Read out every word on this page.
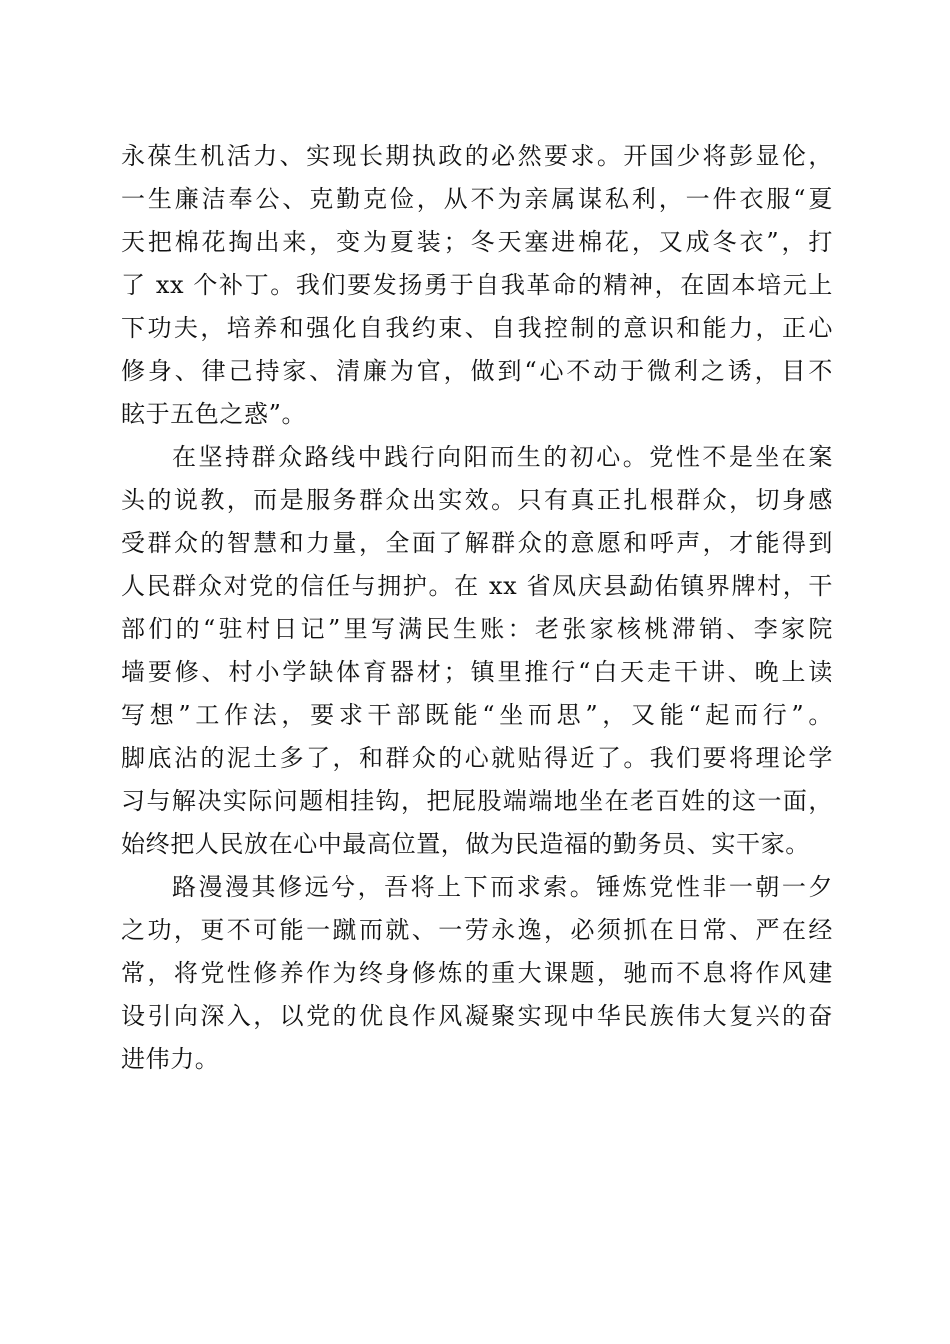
永葆生机活力、实现长期执政的必然要求。开国少将彭显伦，
一生廉洁奉公、克勤克俭，从不为亲属谋私利，一件衣服“夏
天把棉花掏出来，变为夏装；冬天塞进棉花，又成冬衣”，打
了 xx 个补丁。我们要发扬勇于自我革命的精神，在固本培元上
下功夫，培养和强化自我约束、自我控制的意识和能力，正心
修身、律己持家、清廉为官，做到“心不动于微利之诱，目不
眩于五色之惑”。
在坚持群众路线中践行向阳而生的初心。党性不是坐在案
头的说教，而是服务群众出实效。只有真正扎根群众，切身感
受群众的智慧和力量，全面了解群众的意愿和呼声，才能得到
人民群众对党的信任与拥护。在 xx 省凤庆县勐佑镇界牌村，干
部们的“驻村日记”里写满民生账：老张家核桃滞销、李家院
墙要修、村小学缺体育器材；镇里推行“白天走干讲、晚上读
写想”工作法，要求干部既能“坐而思”，又能“起而行”。
脚底沾的泥土多了，和群众的心就贴得近了。我们要将理论学
习与解决实际问题相挂钩，把屁股端端地坐在老百姓的这一面，
始终把人民放在心中最高位置，做为民造福的勤务员、实干家。
路漫漫其修远兮，吾将上下而求索。锤炼党性非一朝一夕
之功，更不可能一蹴而就、一劳永逸，必须抓在日常、严在经
常，将党性修养作为终身修炼的重大课题，驰而不息将作风建
设引向深入，以党的优良作风凝聚实现中华民族伟大复兴的奋
进伟力。
